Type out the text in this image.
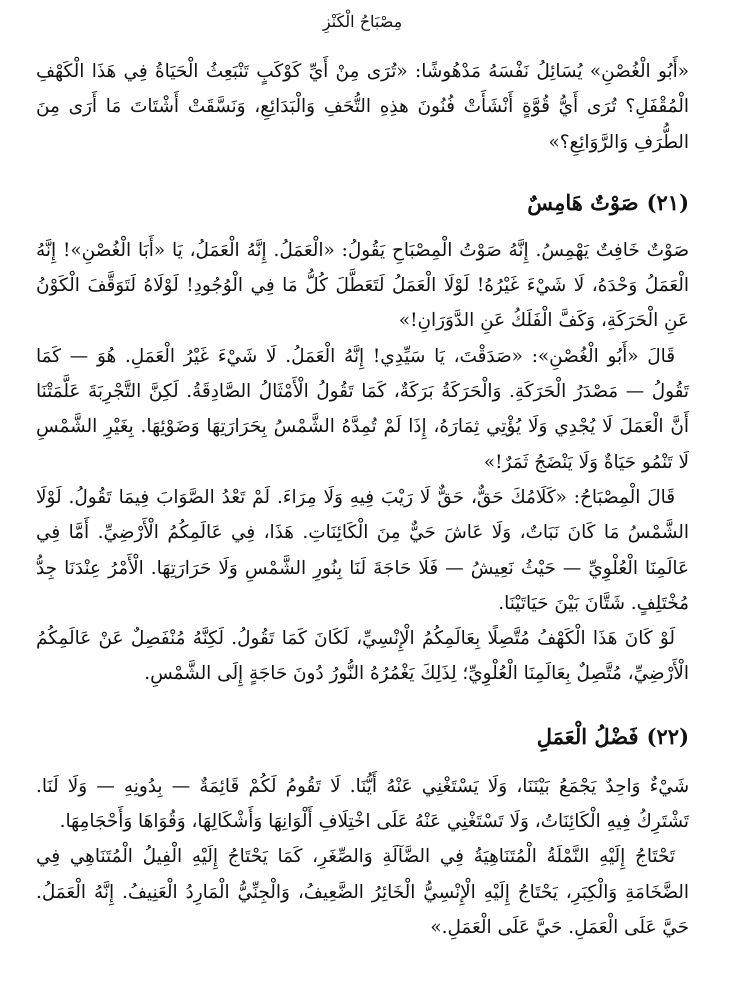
مِصْبَاحُ الْكَنْزِ

«أَبُو الْغُصْنِ» يُسَائِلُ نَفْسَهُ مَدْهُوشًا: «تُرَى مِنْ أَيِّ كَوْكَبٍ تَنْبَعِثُ الْحَيَاةُ فِي هَذَا الْكَهْفِ الْمُقْفَلِ؟ تُرَى أَيُّ قُوَّةٍ أَنْشَأَتْ فُنُونَ هذِهِ التُّحَفِ وَالْبَدَائِعِ، وَنَسَّقَتْ أَشْتَاتَ مَا أَرَى مِنَ الطُّرَفِ وَالرَّوَائِعِ؟»

(٢١)صَوْتٌ هَامِسٌ

صَوْتٌ خَافِتٌ يَهْمِسُ. إِنَّهُ صَوْتُ الْمِصْبَاحِ يَقُولُ: «الْعَمَلُ. إِنَّهُ الْعَمَلُ، يَا «أَبَا الْغُصْنِ»! إِنَّهُ الْعَمَلُ وَحْدَهُ، لَا شَيْءَ غَيْرُهُ! لَوْلَا الْعَمَلُ لَتَعَطَّلَ كُلُّ مَا فِي الْوُجُودِ! لَوْلَاهُ لَتَوَقَّفَ الْكَوْنُ عَنِ الْحَرَكَةِ، وَكَفَّ الْفَلَكُ عَنِ الدَّوَرَانِ!»

قَالَ «أَبُو الْغُصْنِ»: «صَدَقْتَ، يَا سَيِّدِي! إِنَّهُ الْعَمَلُ. لَا شَيْءَ غَيْرُ الْعَمَلِ. هُوَ — كَمَا تَقُولُ — مَصْدَرُ الْحَرَكَةِ. وَالْحَرَكَةُ بَرَكَةٌ، كَمَا تَقُولُ الْأَمْثَالُ الصَّادِقَةُ. لَكِنَّ التَّجْرِبَةَ عَلَّمَتْنَا أَنَّ الْعَمَلَ لَا يُجْدِي وَلَا يُؤْتِي ثِمَارَهُ، إِذَا لَمْ تُمِدَّهُ الشَّمْسُ بِحَرَارَتِهَا وَضَوْئِهَا. بِغَيْرِ الشَّمْسِ لَا تَنْمُو حَيَاةٌ وَلَا يَنْضَجُ ثَمَرٌ!»

قَالَ الْمِصْبَاحُ: «كَلَامُكَ حَقٌّ، حَقٌّ لَا رَيْبَ فِيهِ وَلَا مِرَاءَ. لَمْ تَعْدُ الصَّوَابَ فِيمَا تَقُولُ. لَوْلَا الشَّمْسُ مَا كَانَ نَبَاتٌ، وَلَا عَاشَ حَيٌّ مِنَ الْكَائِنَاتِ. هَذَا، فِي عَالَمِكُمُ الْأَرْضِيِّ. أَمَّا فِي عَالَمِنَا الْعُلْوِيِّ — حَيْثُ نَعِيشُ — فَلَا حَاجَةَ لَنَا بِنُورِ الشَّمْسِ وَلَا حَرَارَتِهَا. الْأَمْرُ عِنْدَنَا جِدُّ مُخْتَلِفٍ. شَتَّانَ بَيْنَ حَيَاتَيْنَا.

لَوْ كَانَ هَذَا الْكَهْفُ مُتَّصِلًا بِعَالَمِكُمُ الْإِنْسِيِّ، لَكَانَ كَمَا تَقُولُ. لَكِنَّهُ مُنْفَصِلٌ عَنْ عَالَمِكُمُ الْأَرْضِيِّ، مُتَّصِلٌ بِعَالَمِنَا الْعُلْوِيِّ؛ لِذَلِكَ يَغْمُرُهُ النُّورُ دُونَ حَاجَةٍ إِلَى الشَّمْسِ.

(٢٢)فَضْلُ الْعَمَلِ

شَيْءٌ وَاحِدٌ يَجْمَعُ بَيْنَنَا، وَلَا يَسْتَغْنِي عَنْهُ أَيُّنَا. لَا تَقُومُ لَكُمْ قَائِمَةٌ — بِدُونِهِ — وَلَا لَنَا. تَشْتَرِكُ فِيهِ الْكَائِنَاتُ، وَلَا تَسْتَغْنِي عَنْهُ عَلَى اخْتِلَافِ أَلْوَانِهَا وَأَشْكَالِهَا، وَقُوَاهَا وَأَحْجَامِهَا.

تَحْتَاجُ إِلَيْهِ النَّمْلَةُ الْمُتَنَاهِيَةُ فِي الضَّآلَةِ وَالصِّغَرِ، كَمَا يَحْتَاجُ إِلَيْهِ الْفِيلُ الْمُتَنَاهِي فِي الضَّخَامَةِ وَالْكِبَرِ، يَحْتَاجُ إِلَيْهِ الْإِنْسِيُّ الْخَائِرُ الضَّعِيفُ، وَالْجِنِّيُّ الْمَارِدُ الْعَنِيفُ. إِنَّهُ الْعَمَلُ. حَيَّ عَلَى الْعَمَلِ. حَيَّ عَلَى الْعَمَلِ.»
